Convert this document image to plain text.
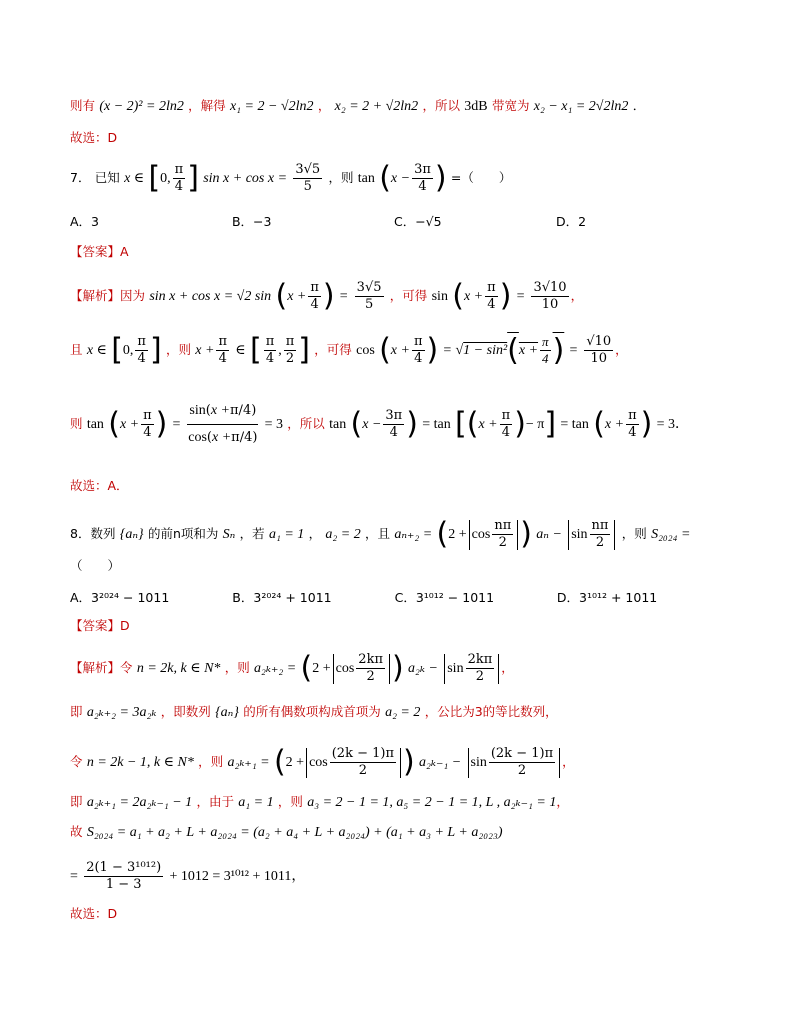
则有 (x − 2)² = 2ln2 ，解得 x₁ = 2 − √2ln2 ， x₂ = 2 + √2ln2 ，所以 3dB 带宽为 x₂ − x₁ = 2√2ln2 ．
故选：D
7． 已知 x ∈ [0, $\frac{\pi}{4}$ ] $\sin x + \cos x = \frac{3√5}{5}$ ，则 $\tan (x - \frac{3\pi}{4}$ ) =（　　）
A．3	B．−3	C．−√5	D．2
【答案】A
【解析】因为 sin x + cos x = √2 $\sin (x + \frac{\pi}{4}$ ) = $\frac{3√5}{5}$ ，可得 $\sin (x + \frac{\pi}{4}$ ) = $\frac{3√10}{10}$ ，
且 x ∈ [0, $\frac{\pi}{4}$ ] ，则 $x + \frac{\pi}{4}$ ∈ [ $\frac{\pi}{4}$ , $\frac{\pi}{2}$ ] ，可得 $\cos (x + \frac{\pi}{4}$ ) = $√1 - \sin^2(x + \frac{\pi}{4}$ ) = $\frac{√10}{10}$ ，
则 $\tan (x + \frac{\pi}{4}$ ) = $\frac{\sin(x +\pi/4)}{\cos(x +\pi/4)} = 3$ ，所以 $\tan (x - \frac{3\pi}{4}$ ) = $\tan [(x + \frac{\pi}{4}$ )− $\pi] = \tan (x + \frac{\pi}{4}$ ) = 3．
故选：A．
8．数列 {aₙ} 的前n项和为 Sₙ ，若 a₁ = 1 ， a₂ = 2 ，且 $a_{n+2} = (2 + \cos \frac{n\pi}{2}$ ) $a_n - \sin \frac{n\pi}{2}$ ，则 S₂₀₂₄ =
（　　）
A．3²⁰²⁴ − 1011	B．3²⁰²⁴ + 1011	C．3¹⁰¹² − 1011	D．3¹⁰¹² + 1011
【答案】D
【解析】令 n = 2k, k ∈ N* ，则 $a_{2k+2} = (2 + \cos \frac{2k\pi}{2}$ ) $a_{2k} - \sin \frac{2k\pi}{2}$ ，
即 a₂ₖ₊₂ = 3a₂ₖ ，即数列 {aₙ} 的所有偶数项构成首项为 a₂ = 2 ，公比为3的等比数列，
令 n = 2k − 1, k ∈ N* ，则 $a_{2k+1} = (2 + \cos \frac{(2k - 1)\pi}{2}$ ) $a_{2k-1} - \sin \frac{(2k - 1)\pi}{2}$ ，
即 a₂ₖ₊₁ = 2a₂ₖ₋₁ − 1 ，由于 a₁ = 1 ，则 a₃ = 2 − 1 = 1, a₅ = 2 − 1 = 1, L , a₂ₖ₋₁ = 1，
故 S₂₀₂₄ = a₁ + a₂ + L + a₂₀₂₄ = (a₂ + a₄ + L + a₂₀₂₄) + (a₁ + a₃ + L + a₂₀₂₃)
= $\frac{\text{2(1 − 3¹⁰¹²)}}{1 - 3} + 1012 = 3^{1012} + 1011$，
故选：D
